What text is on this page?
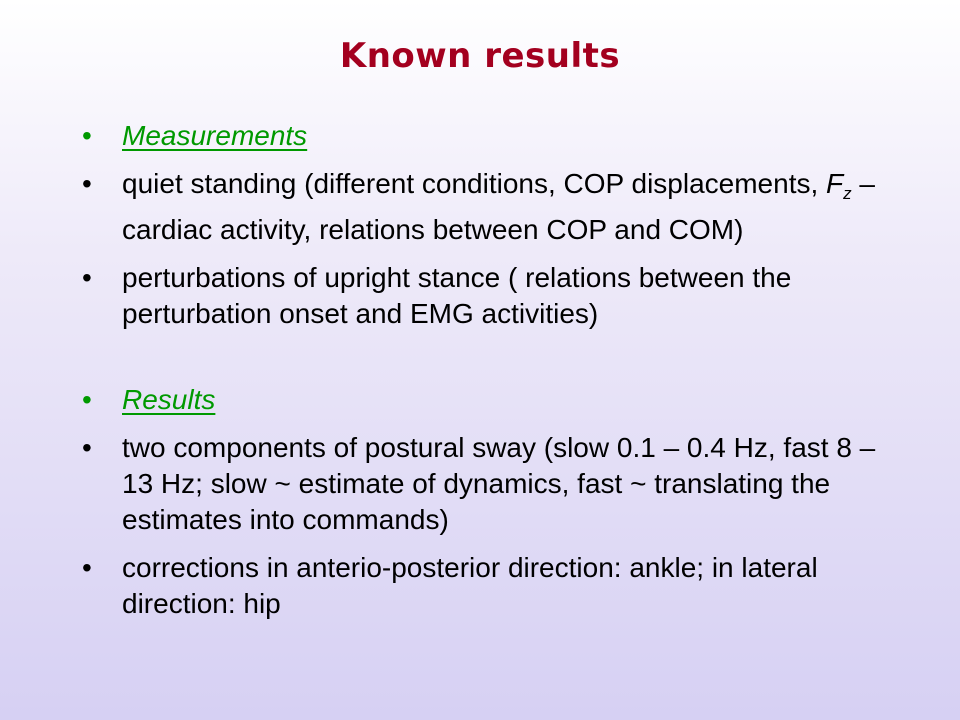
Known results
•	Measurements
•	quiet standing (different conditions, COP displacements, $F_z$ – cardiac activity, relations between COP and COM)
•	perturbations of upright stance ( relations between the perturbation onset and EMG activities)
•	Results
•	two components of postural sway (slow 0.1 – 0.4 Hz, fast 8 –13 Hz; slow ~ estimate of dynamics, fast ~ translating the estimates into commands)
•	corrections in anterio-posterior direction: ankle; in lateral direction: hip
